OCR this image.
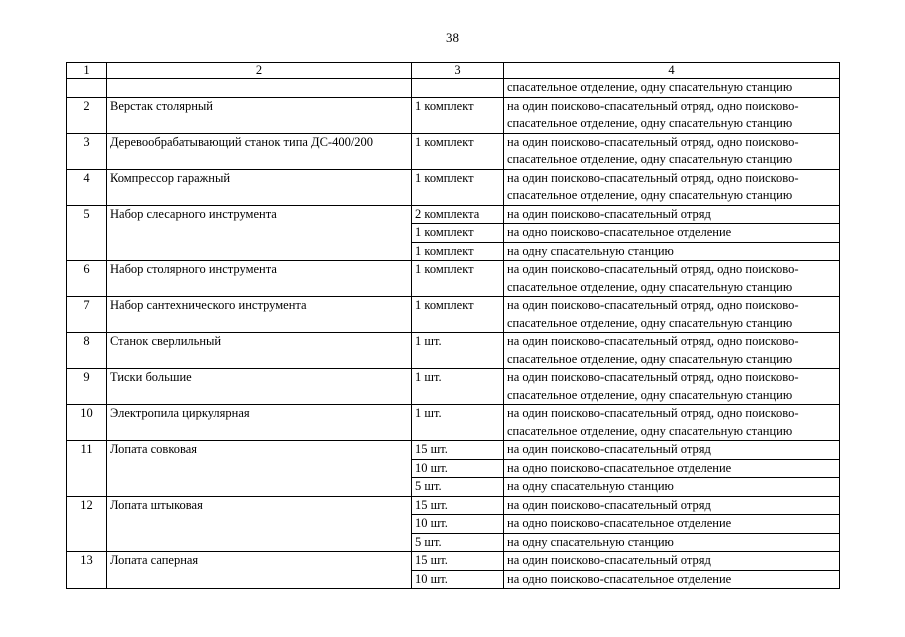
38
1	2	3	4
			спасательное отделение, одну спасательную станцию
2	Верстак столярный	1 комплект	на один поисково-спасательный отряд, одно поисково-
спасательное отделение, одну спасательную станцию

3	Деревообрабатывающий станок типа ДС-400/200	1 комплект	на один поисково-спасательный отряд, одно поисково-
спасательное отделение, одну спасательную станцию

4	Компрессор гаражный	1 комплект	на один поисково-спасательный отряд, одно поисково-
спасательное отделение, одну спасательную станцию

5	Набор слесарного инструмента	2 комплекта	на один поисково-спасательный отряд

		1 комплект	на одно поисково-спасательное отделение

		1 комплект	на одну спасательную станцию

6	Набор столярного инструмента	1 комплект	на один поисково-спасательный отряд, одно поисково-
спасательное отделение, одну спасательную станцию

7	Набор сантехнического инструмента	1 комплект	на один поисково-спасательный отряд, одно поисково-
спасательное отделение, одну спасательную станцию

8	Станок сверлильный	1 шт.	на один поисково-спасательный отряд, одно поисково-
спасательное отделение, одну спасательную станцию

9	Тиски большие	1 шт.	на один поисково-спасательный отряд, одно поисково-
спасательное отделение, одну спасательную станцию

10	Электропила циркулярная	1 шт.	на один поисково-спасательный отряд, одно поисково-
спасательное отделение, одну спасательную станцию

11	Лопата совковая	15 шт.	на один поисково-спасательный отряд

		10 шт.	на одно поисково-спасательное отделение

		5 шт.	на одну спасательную станцию

12	Лопата штыковая	15 шт.	на один поисково-спасательный отряд

		10 шт.	на одно поисково-спасательное отделение

		5 шт.	на одну спасательную станцию

13	Лопата саперная	15 шт.	на один поисково-спасательный отряд

		10 шт.	на одно поисково-спасательное отделение
